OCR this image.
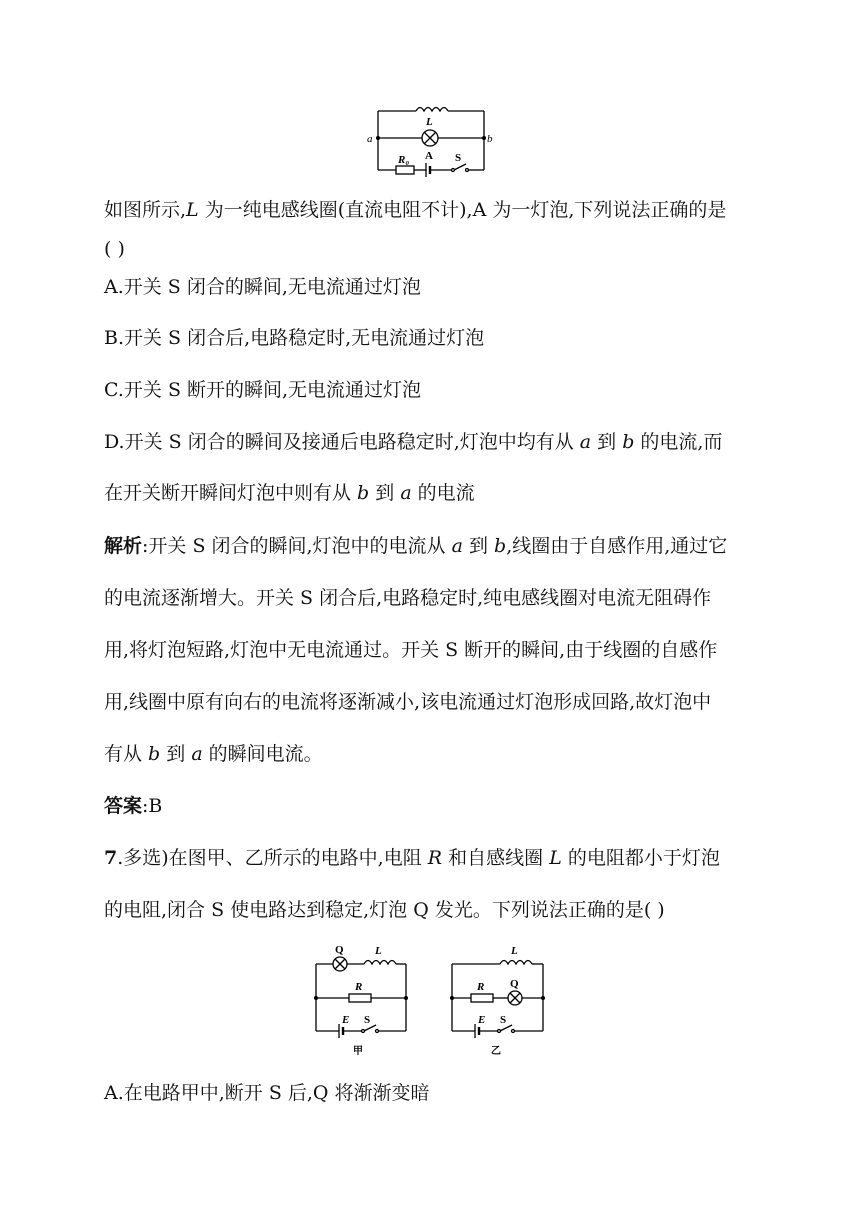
L
a	b
R₀ A S

如图所示,L 为一纯电感线圈(直流电阻不计),A 为一灯泡,下列说法正确的是

( )

A.开关 S 闭合的瞬间,无电流通过灯泡

B.开关 S 闭合后,电路稳定时,无电流通过灯泡

C.开关 S 断开的瞬间,无电流通过灯泡

D.开关 S 闭合的瞬间及接通后电路稳定时,灯泡中均有从 a 到 b 的电流,而

在开关断开瞬间灯泡中则有从 b 到 a 的电流

解析:开关 S 闭合的瞬间,灯泡中的电流从 a 到 b,线圈由于自感作用,通过它

的电流逐渐增大。开关 S 闭合后,电路稳定时,纯电感线圈对电流无阻碍作

用,将灯泡短路,灯泡中无电流通过。开关 S 断开的瞬间,由于线圈的自感作

用,线圈中原有向右的电流将逐渐减小,该电流通过灯泡形成回路,故灯泡中

有从 b 到 a 的瞬间电流。

答案:B

7.多选)在图甲、乙所示的电路中,电阻 R 和自感线圈 L 的电阻都小于灯泡

的电阻,闭合 S 使电路达到稳定,灯泡 Q 发光。下列说法正确的是( )

Q	L
R
E S
甲
L
R Q
E S
乙

A.在电路甲中,断开 S 后,Q 将渐渐变暗
